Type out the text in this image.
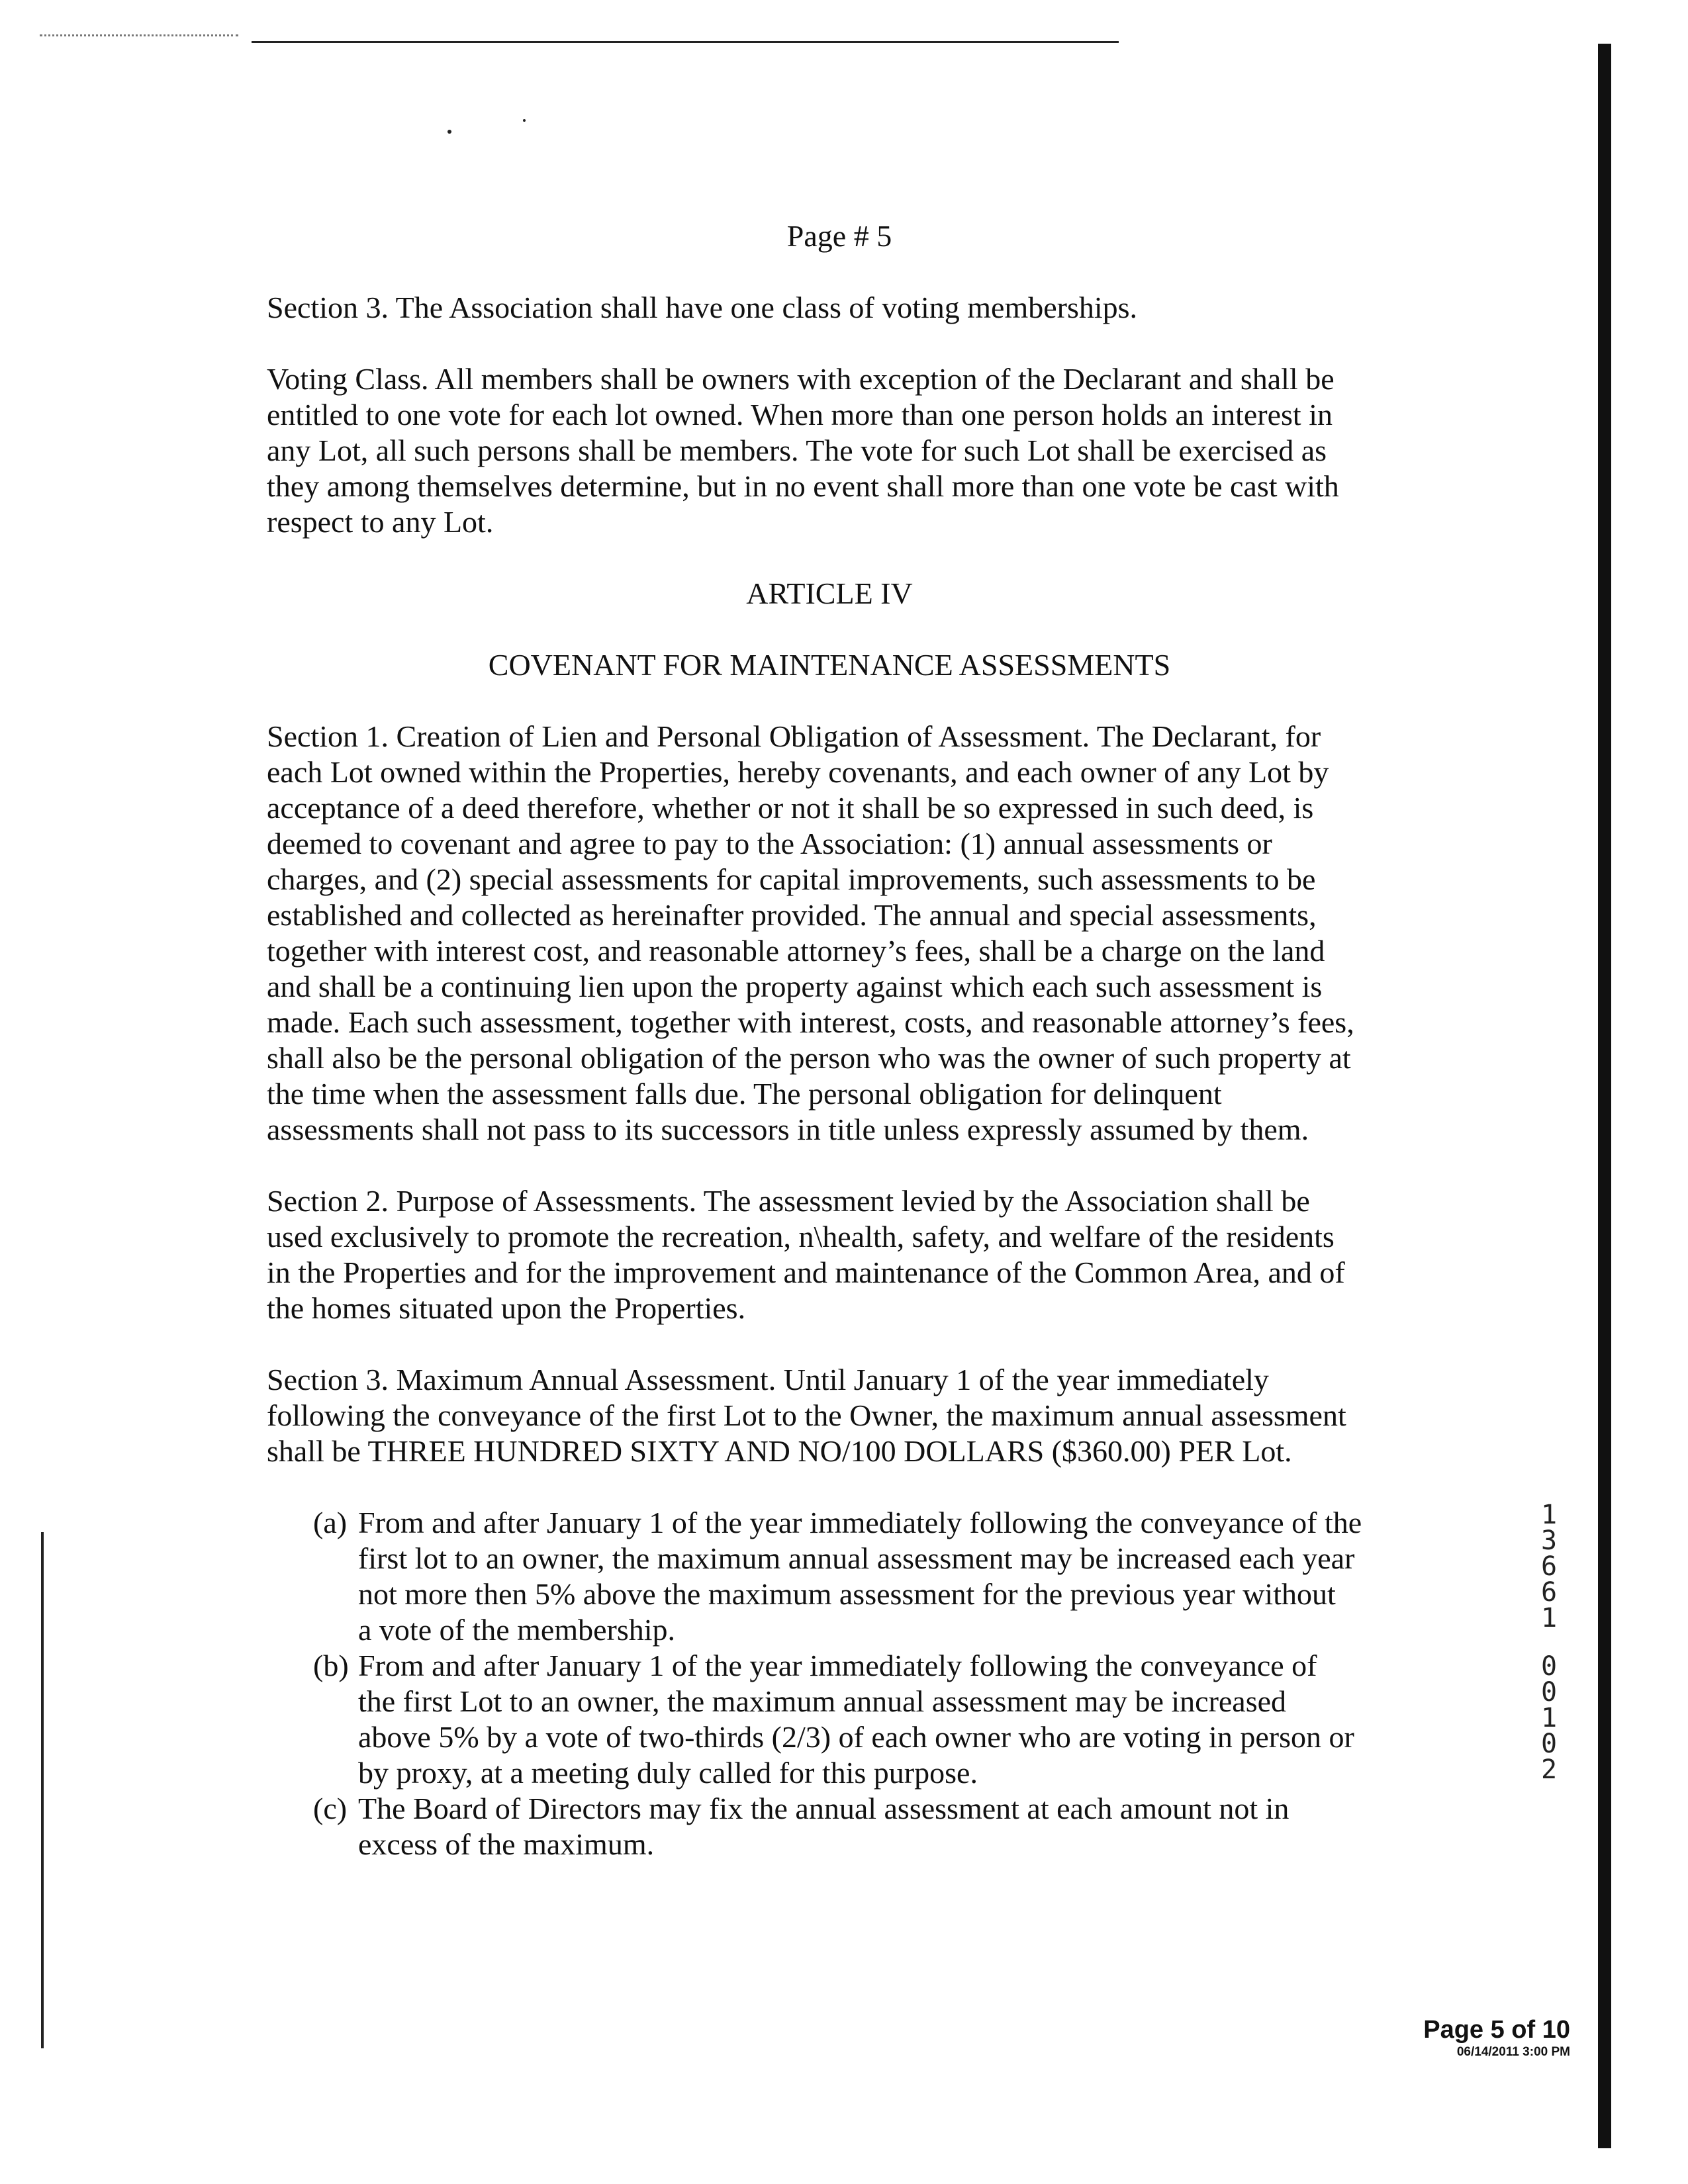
Page # 5

Section 3. The Association shall have one class of voting memberships.

Voting Class. All members shall be owners with exception of the Declarant and shall be
entitled to one vote for each lot owned. When more than one person holds an interest in
any Lot, all such persons shall be members. The vote for such Lot shall be exercised as
they among themselves determine, but in no event shall more than one vote be cast with
respect to any Lot.

ARTICLE IV

COVENANT FOR MAINTENANCE ASSESSMENTS

Section 1. Creation of Lien and Personal Obligation of Assessment. The Declarant, for
each Lot owned within the Properties, hereby covenants, and each owner of any Lot by
acceptance of a deed therefore, whether or not it shall be so expressed in such deed, is
deemed to covenant and agree to pay to the Association: (1) annual assessments or
charges, and (2) special assessments for capital improvements, such assessments to be
established and collected as hereinafter provided. The annual and special assessments,
together with interest cost, and reasonable attorney’s fees, shall be a charge on the land
and shall be a continuing lien upon the property against which each such assessment is
made. Each such assessment, together with interest, costs, and reasonable attorney’s fees,
shall also be the personal obligation of the person who was the owner of such property at
the time when the assessment falls due. The personal obligation for delinquent
assessments shall not pass to its successors in title unless expressly assumed by them.

Section 2. Purpose of Assessments. The assessment levied by the Association shall be
used exclusively to promote the recreation, n\health, safety, and welfare of the residents
in the Properties and for the improvement and maintenance of the Common Area, and of
the homes situated upon the Properties.

Section 3. Maximum Annual Assessment. Until January 1 of the year immediately
following the conveyance of the first Lot to the Owner, the maximum annual assessment
shall be THREE HUNDRED SIXTY AND NO/100 DOLLARS ($360.00) PER Lot.

(a) From and after January 1 of the year immediately following the conveyance of the
first lot to an owner, the maximum annual assessment may be increased each year
not more then 5% above the maximum assessment for the previous year without
a vote of the membership.
(b) From and after January 1 of the year immediately following the conveyance of
the first Lot to an owner, the maximum annual assessment may be increased
above 5% by a vote of two-thirds (2/3) of each owner who are voting in person or
by proxy, at a meeting duly called for this purpose.
(c) The Board of Directors may fix the annual assessment at each amount not in
excess of the maximum.
1
3
6
6
1
0
0
1
0
2
Page 5 of 10
06/14/2011 3:00 PM
